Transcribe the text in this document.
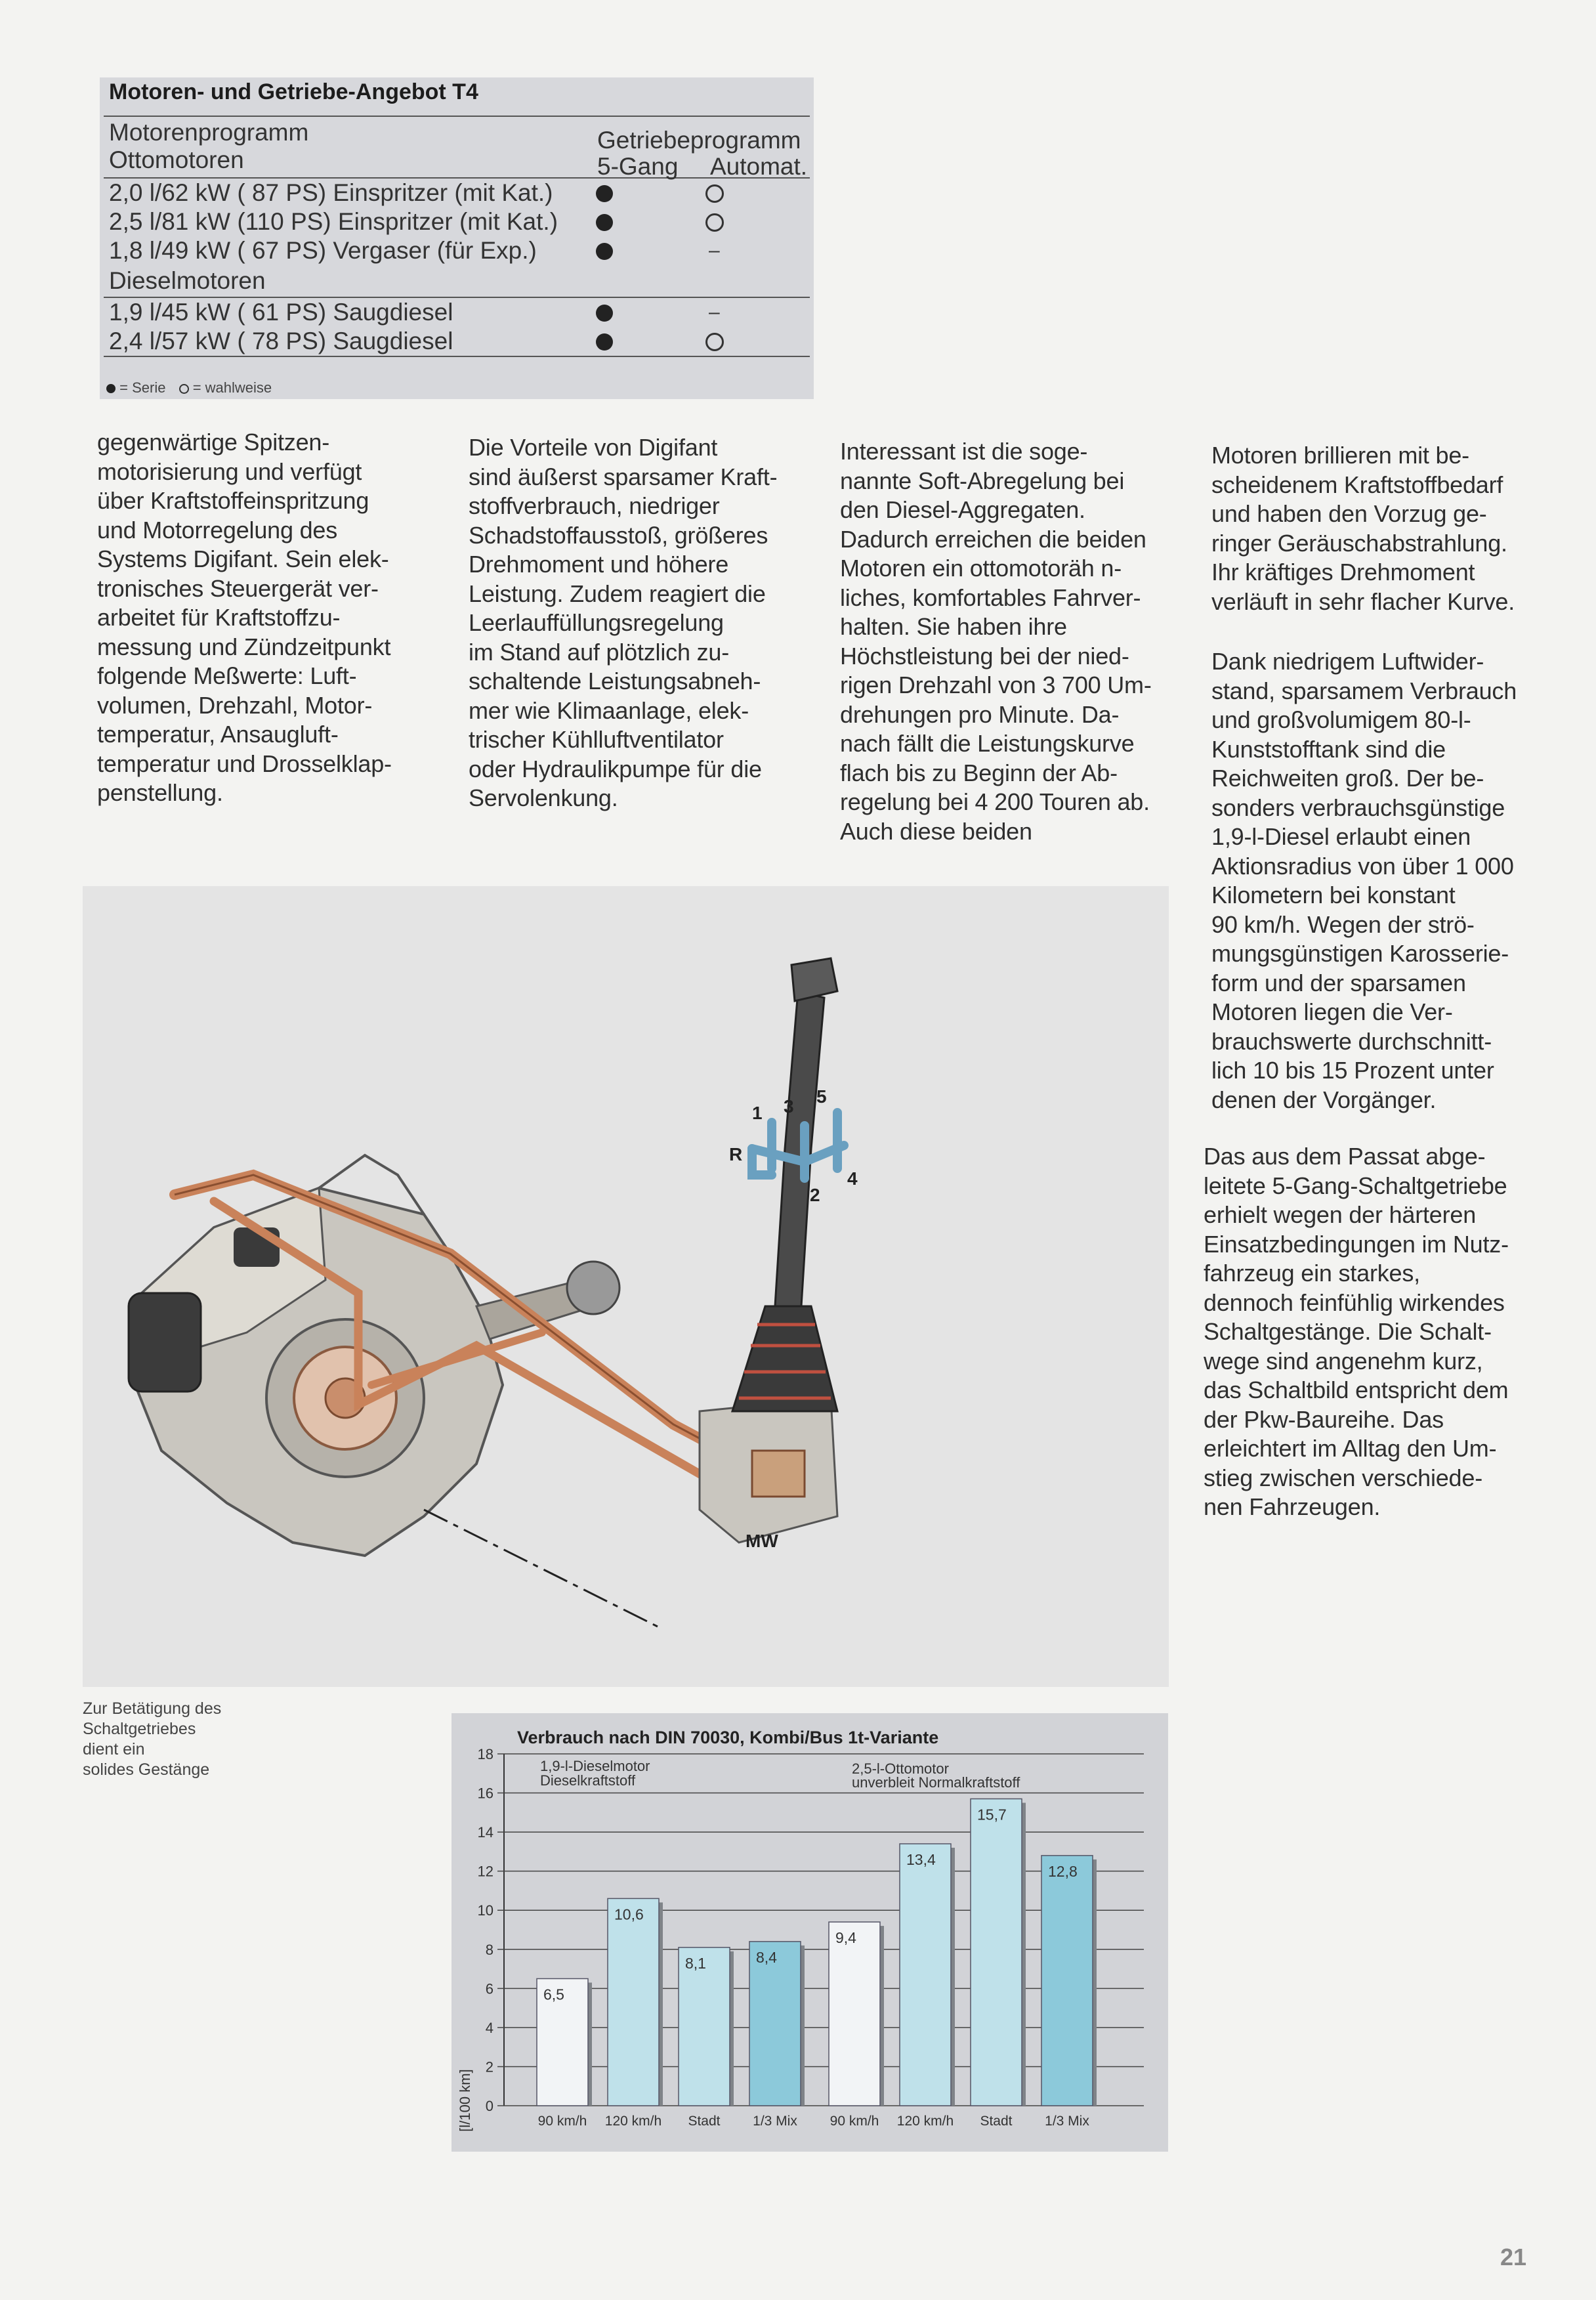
Motoren- und Getriebe-Angebot T4
Motorenprogramm
Ottomotoren
Getriebeprogramm
5-Gang Automat.
2,0 l/62 kW ( 87 PS) Einspritzer (mit Kat.)
2,5 l/81 kW (110 PS) Einspritzer (mit Kat.)
1,8 l/49 kW ( 67 PS) Vergaser (für Exp.)	–
Dieselmotoren
1,9 l/45 kW ( 61 PS) Saugdiesel	–
2,4 l/57 kW ( 78 PS) Saugdiesel
= Serie = wahlweise
gegenwärtige Spitzen-
motorisierung und verfügt
über Kraftstoffeinspritzung
und Motorregelung des
Systems Digifant. Sein elek-
tronisches Steuergerät ver-
arbeitet für Kraftstoffzu-
messung und Zündzeitpunkt
folgende Meßwerte: Luft-
volumen, Drehzahl, Motor-
temperatur, Ansaugluft-
temperatur und Drosselklap-
penstellung.
Die Vorteile von Digifant
sind äußerst sparsamer Kraft-
stoffverbrauch, niedriger
Schadstoffausstoß, größeres
Drehmoment und höhere
Leistung. Zudem reagiert die
Leerlauffüllungsregelung
im Stand auf plötzlich zu-
schaltende Leistungsabneh-
mer wie Klimaanlage, elek-
trischer Kühlluftventilator
oder Hydraulikpumpe für die
Servolenkung.
Interessant ist die soge-
nannte Soft-Abregelung bei
den Diesel-Aggregaten.
Dadurch erreichen die beiden
Motoren ein ottomotoräh n-
liches, komfortables Fahrver-
halten. Sie haben ihre
Höchstleistung bei der nied-
rigen Drehzahl von 3 700 Um-
drehungen pro Minute. Da-
nach fällt die Leistungskurve
flach bis zu Beginn der Ab-
regelung bei 4 200 Touren ab.
Auch diese beiden
Motoren brillieren mit be-
scheidenem Kraftstoffbedarf
und haben den Vorzug ge-
ringer Geräuschabstrahlung.
Ihr kräftiges Drehmoment
verläuft in sehr flacher Kurve.
Dank niedrigem Luftwider-
stand, sparsamem Verbrauch
und großvolumigem 80-l-
Kunststofftank sind die
Reichweiten groß. Der be-
sonders verbrauchsgünstige
1,9-l-Diesel erlaubt einen
Aktionsradius von über 1 000
Kilometern bei konstant
90 km/h. Wegen der strö-
mungsgünstigen Karosserie-
form und der sparsamen
Motoren liegen die Ver-
brauchswerte durchschnitt-
lich 10 bis 15 Prozent unter
denen der Vorgänger.
Das aus dem Passat abge-
leitete 5-Gang-Schaltgetriebe
erhielt wegen der härteren
Einsatzbedingungen im Nutz-
fahrzeug ein starkes,
dennoch feinfühlig wirkendes
Schaltgestänge. Die Schalt-
wege sind angenehm kurz,
das Schaltbild entspricht dem
der Pkw-Baureihe. Das
erleichtert im Alltag den Um-
stieg zwischen verschiede-
nen Fahrzeugen.
MW
1 3 5
R
2
4
Zur Betätigung des
Schaltgetriebes
dient ein
solides Gestänge
Verbrauch nach DIN 70030, Kombi/Bus 1t-Variante
1,9-l-Dieselmotor
Dieselkraftstoff
2,5-l-Ottomotor
unverbleit Normalkraftstoff
[l/100 km] 0
2
4
6
8
10
12
14
16
18
6,5
90 km/h
10,6
120 km/h
8,1
Stadt
8,4
1/3 Mix
9,4
90 km/h
13,4
120 km/h
15,7
Stadt
12,8
1/3 Mix
21
